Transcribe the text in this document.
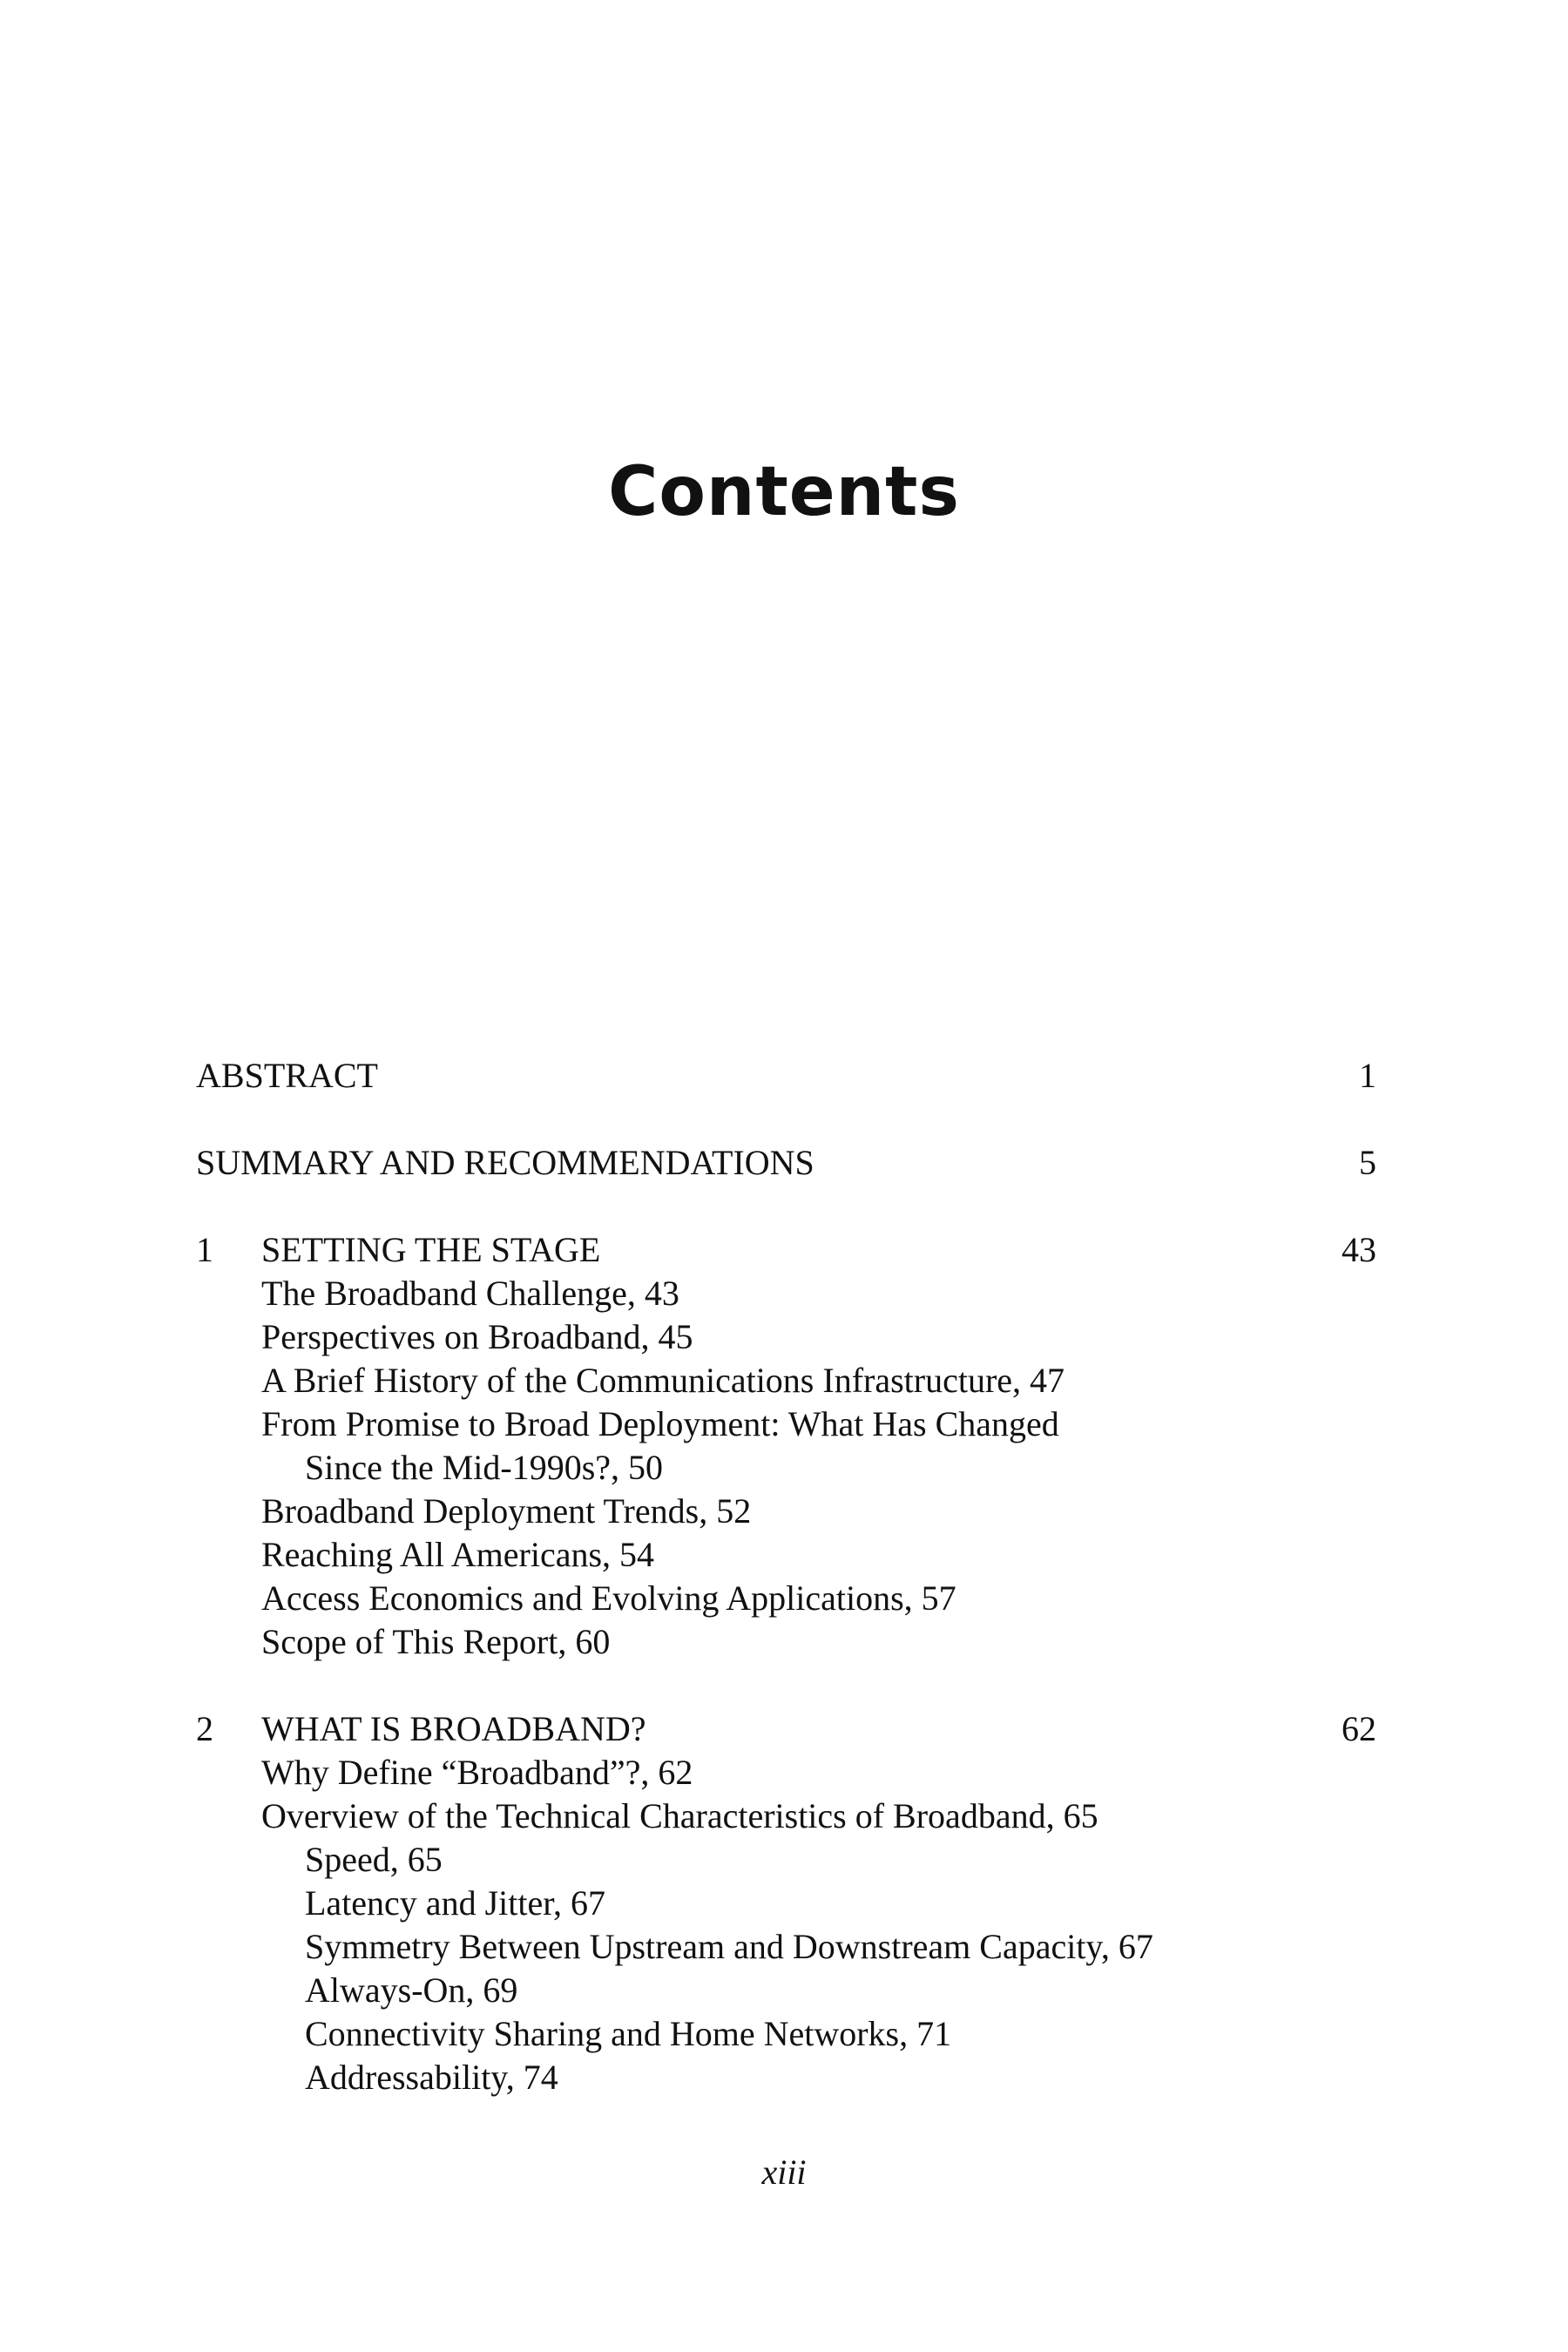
Contents
ABSTRACT	1
SUMMARY AND RECOMMENDATIONS	5
1 SETTING THE STAGE	43
The Broadband Challenge, 43
Perspectives on Broadband, 45
A Brief History of the Communications Infrastructure, 47
From Promise to Broad Deployment: What Has Changed
Since the Mid-1990s?, 50
Broadband Deployment Trends, 52
Reaching All Americans, 54
Access Economics and Evolving Applications, 57
Scope of This Report, 60
2 WHAT IS BROADBAND?	62
Why Define “Broadband”?, 62
Overview of the Technical Characteristics of Broadband, 65
Speed, 65
Latency and Jitter, 67
Symmetry Between Upstream and Downstream Capacity, 67
Always-On, 69
Connectivity Sharing and Home Networks, 71
Addressability, 74
xiii
